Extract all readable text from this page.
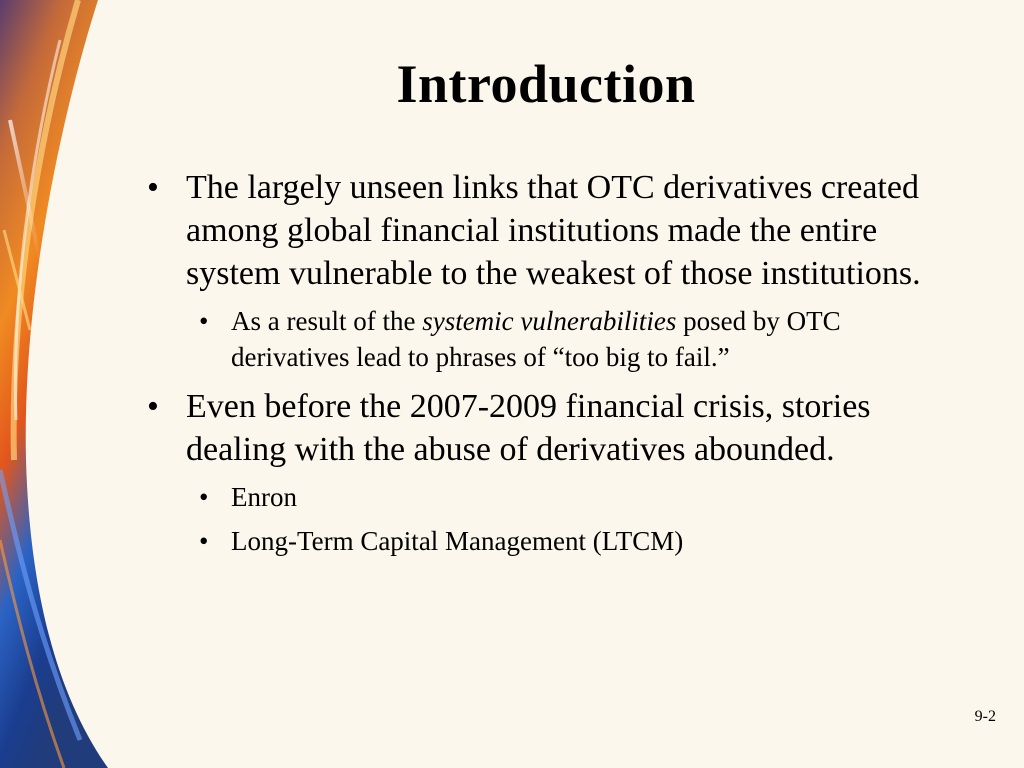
Introduction
• The largely unseen links that OTC derivatives created among global financial institutions made the entire system vulnerable to the weakest of those institutions.
• As a result of the systemic vulnerabilities posed by OTC derivatives lead to phrases of “too big to fail.”
• Even before the 2007-2009 financial crisis, stories dealing with the abuse of derivatives abounded.
• Enron
• Long-Term Capital Management (LTCM)
9-2
